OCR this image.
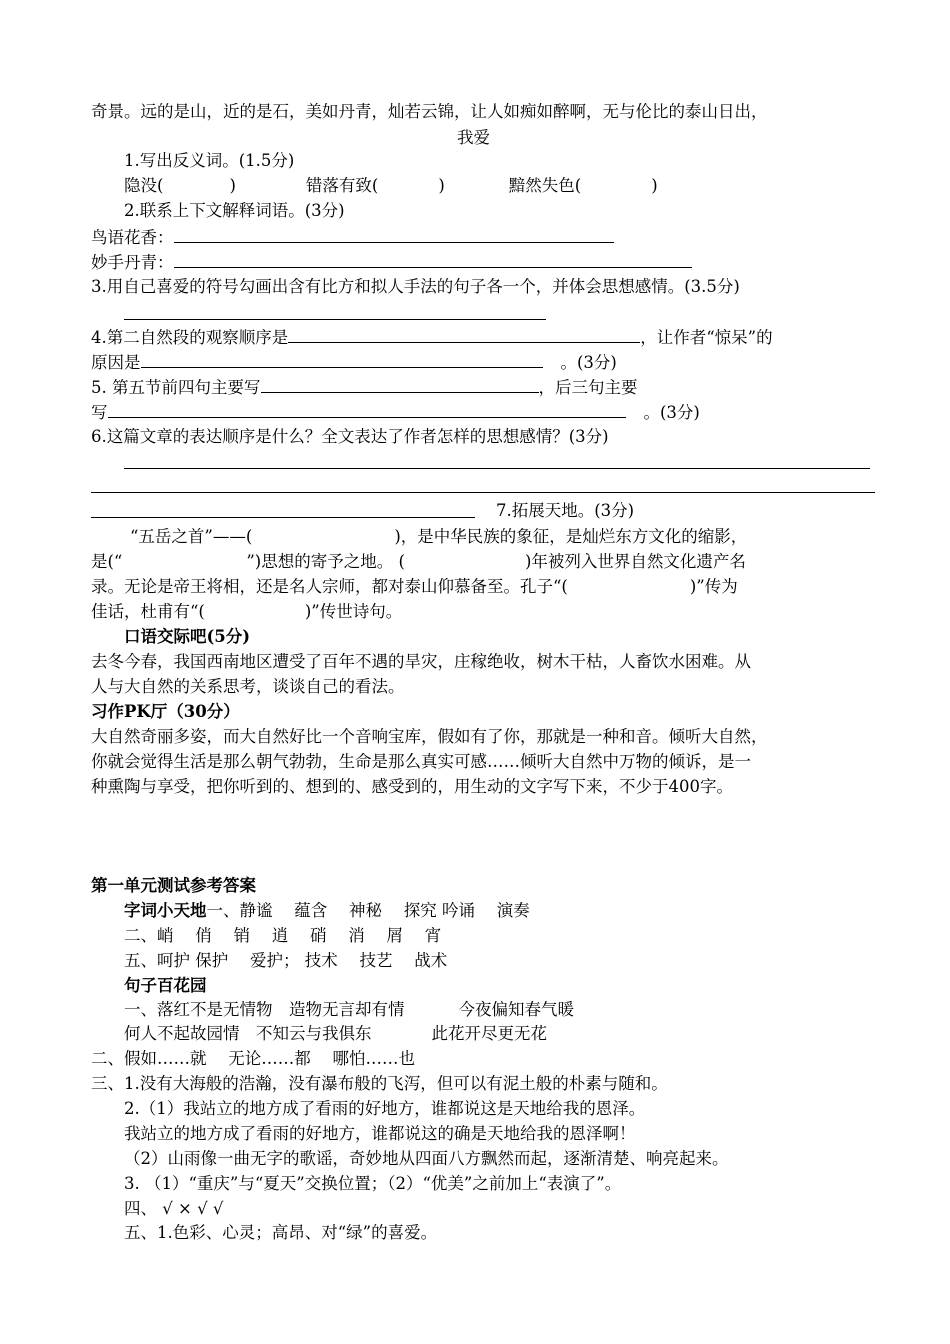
奇景。远的是山，近的是石，美如丹青，灿若云锦，让人如痴如醉啊，无与伦比的泰山日出，
我爱
1.写出反义词。(1.5分)
隐没(	)	错落有致(	)	黯然失色(	)
2.联系上下文解释词语。(3分)
鸟语花香：
妙手丹青：
3.用自己喜爱的符号勾画出含有比方和拟人手法的句子各一个，并体会思想感情。(3.5分)
4.第二自然段的观察顺序是	，让作者“惊呆”的
原因是	。(3分)
5. 第五节前四句主要写	，后三句主要
写	。(3分)
6.这篇文章的表达顺序是什么？全文表达了作者怎样的思想感情？(3分)
7.拓展天地。(3分)
“五岳之首”——(	)，是中华民族的象征，是灿烂东方文化的缩影，
是(“	”)思想的寄予之地。 (	)年被列入世界自然文化遗产名
录。无论是帝王将相，还是名人宗师，都对泰山仰慕备至。孔子“(	)”传为
佳话，杜甫有“(	)”传世诗句。
口语交际吧(5分)
去冬今春，我国西南地区遭受了百年不遇的旱灾，庄稼绝收，树木干枯，人畜饮水困难。从
人与大自然的关系思考，谈谈自己的看法。
习作PK厅（30分）
大自然奇丽多姿，而大自然好比一个音响宝库，假如有了你，那就是一种和音。倾听大自然，
你就会觉得生活是那么朝气勃勃，生命是那么真实可感……倾听大自然中万物的倾诉，是一
种熏陶与享受，把你听到的、想到的、感受到的，用生动的文字写下来，不少于400字。
第一单元测试参考答案
字词小天地一、静谧　 蕴含　 神秘　 探究 吟诵　 演奏
二、峭　 俏　 销　 逍　 硝　 消　 屑　 宵
五、呵护 保护　 爱护； 技术　 技艺　 战术
句子百花园
一、落红不是无情物　造物无言却有情	今夜偏知春气暖
何人不起故园情　不知云与我俱东	此花开尽更无花
二、假如……就　 无论……都　 哪怕……也
三、1.没有大海般的浩瀚，没有瀑布般的飞泻，但可以有泥土般的朴素与随和。
2.（1）我站立的地方成了看雨的好地方，谁都说这是天地给我的恩泽。
我站立的地方成了看雨的好地方，谁都说这的确是天地给我的恩泽啊！
（2）山雨像一曲无字的歌谣，奇妙地从四面八方飘然而起，逐渐清楚、响亮起来。
3. （1）“重庆”与“夏天”交换位置；（2）“优美”之前加上“表演了”。
四、 √ × √ √
五、1.色彩、心灵；高昂、对“绿”的喜爱。
